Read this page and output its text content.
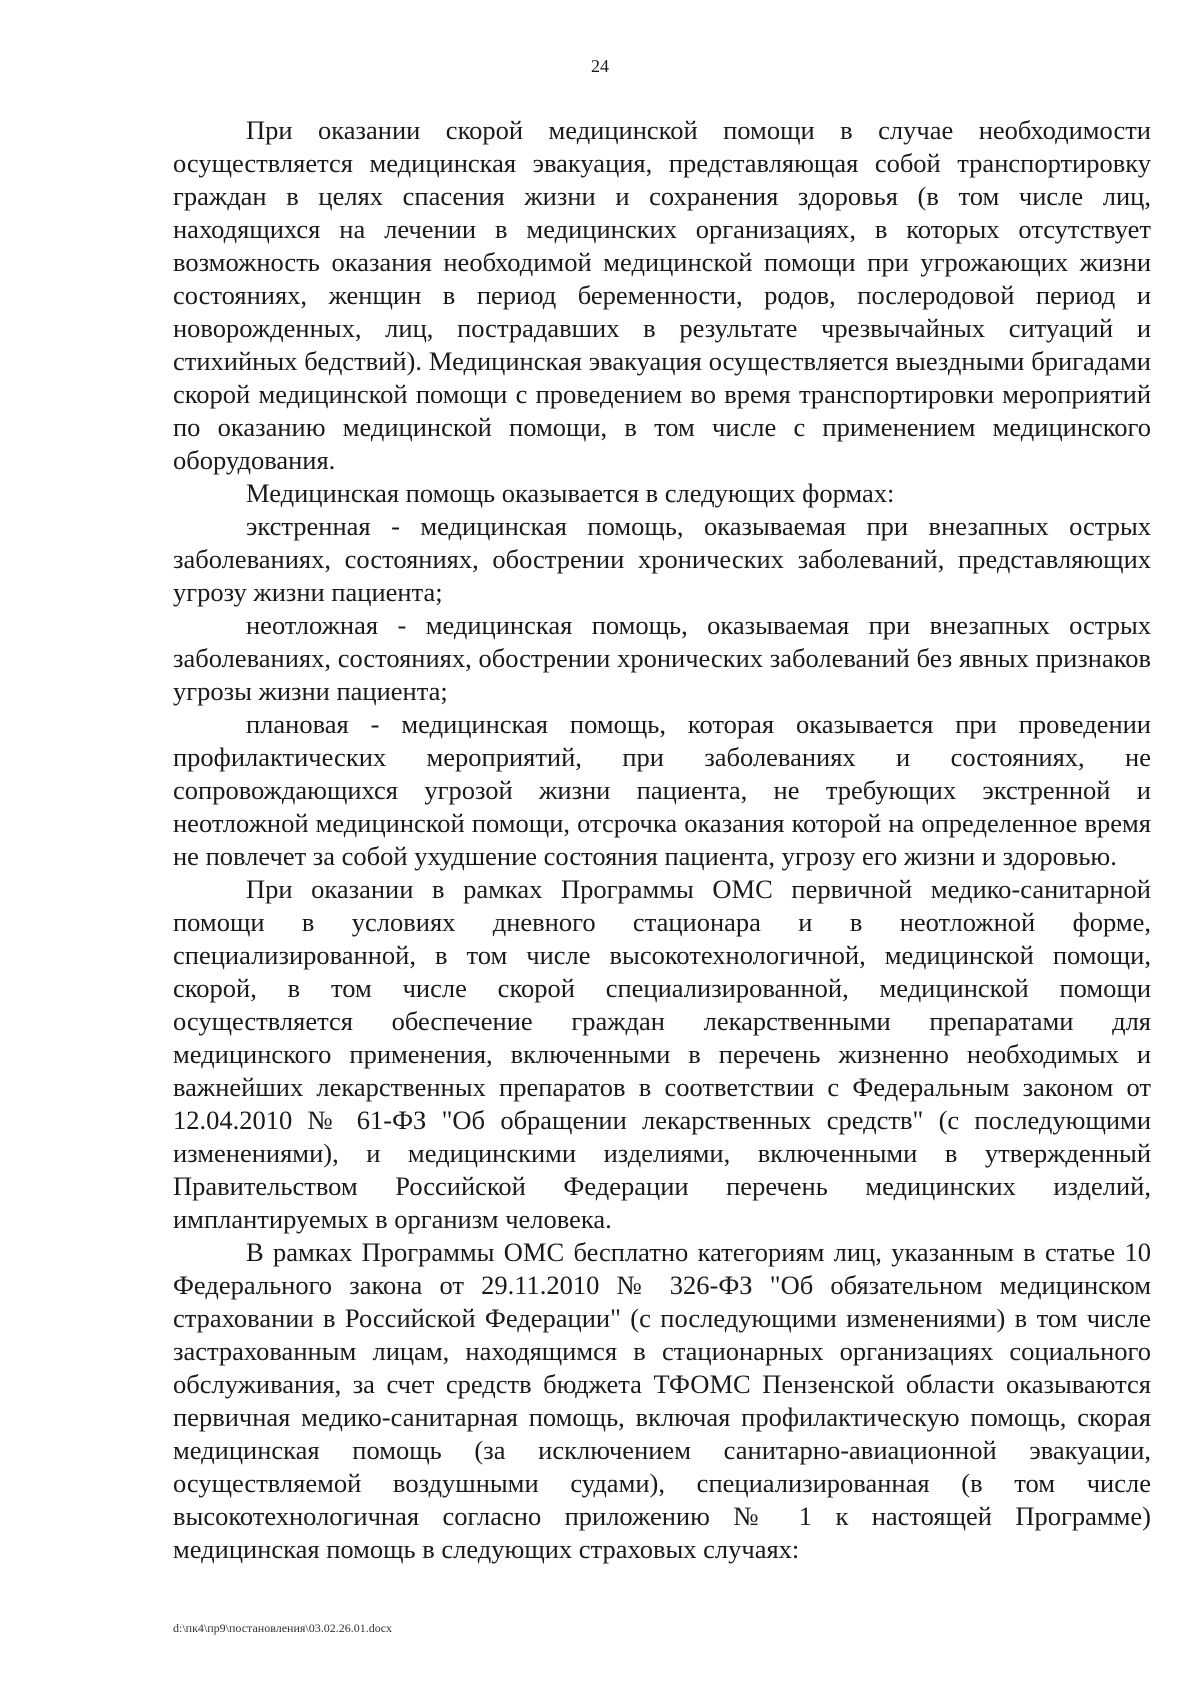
24

При оказании скорой медицинской помощи в случае необходимости осуществляется медицинская эвакуация, представляющая собой транспортировку граждан в целях спасения жизни и сохранения здоровья (в том числе лиц, находящихся на лечении в медицинских организациях, в которых отсутствует возможность оказания необходимой медицинской помощи при угрожающих жизни состояниях, женщин в период беременности, родов, послеродовой период и новорожденных, лиц, пострадавших в результате чрезвычайных ситуаций и стихийных бедствий). Медицинская эвакуация осуществляется выездными бригадами скорой медицинской помощи с проведением во время транспортировки мероприятий по оказанию медицинской помощи, в том числе с применением медицинского оборудования.

Медицинская помощь оказывается в следующих формах:

экстренная - медицинская помощь, оказываемая при внезапных острых заболеваниях, состояниях, обострении хронических заболеваний, представляющих угрозу жизни пациента;

неотложная - медицинская помощь, оказываемая при внезапных острых заболеваниях, состояниях, обострении хронических заболеваний без явных признаков угрозы жизни пациента;

плановая - медицинская помощь, которая оказывается при проведении профилактических мероприятий, при заболеваниях и состояниях, не сопровождающихся угрозой жизни пациента, не требующих экстренной и неотложной медицинской помощи, отсрочка оказания которой на определенное время не повлечет за собой ухудшение состояния пациента, угрозу его жизни и здоровью.

При оказании в рамках Программы ОМС первичной медико-санитарной помощи в условиях дневного стационара и в неотложной форме, специализированной, в том числе высокотехнологичной, медицинской помощи, скорой, в том числе скорой специализированной, медицинской помощи осуществляется обеспечение граждан лекарственными препаратами для медицинского применения, включенными в перечень жизненно необходимых и важнейших лекарственных препаратов в соответствии с Федеральным законом от 12.04.2010 № 61-ФЗ "Об обращении лекарственных средств" (с последующими изменениями), и медицинскими изделиями, включенными в утвержденный Правительством Российской Федерации перечень медицинских изделий, имплантируемых в организм человека.

В рамках Программы ОМС бесплатно категориям лиц, указанным в статье 10 Федерального закона от 29.11.2010 № 326-ФЗ "Об обязательном медицинском страховании в Российской Федерации" (с последующими изменениями) в том числе застрахованным лицам, находящимся в стационарных организациях социального обслуживания, за счет средств бюджета ТФОМС Пензенской области оказываются первичная медико-санитарная помощь, включая профилактическую помощь, скорая медицинская помощь (за исключением санитарно-авиационной эвакуации, осуществляемой воздушными судами), специализированная (в том числе высокотехнологичная согласно приложению № 1 к настоящей Программе) медицинская помощь в следующих страховых случаях:

d:\пк4\пр9\постановления\03.02.26.01.docx
